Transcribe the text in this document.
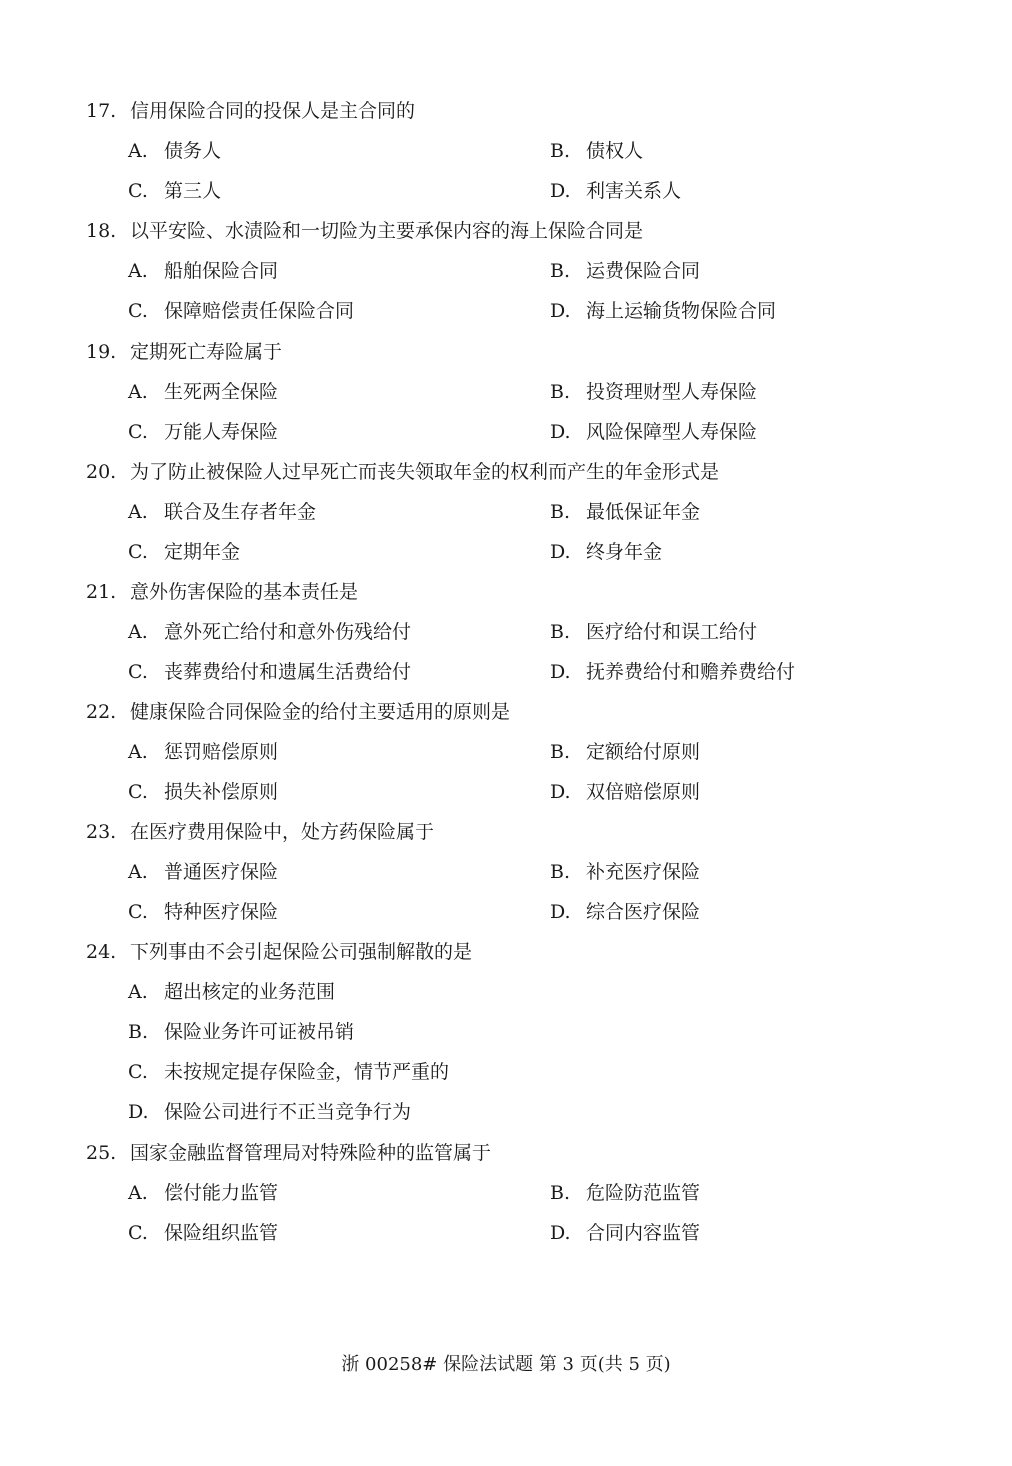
17. 信用保险合同的投保人是主合同的
A. 债务人	B. 债权人
C. 第三人	D. 利害关系人
18. 以平安险、水渍险和一切险为主要承保内容的海上保险合同是
A. 船舶保险合同	B. 运费保险合同
C. 保障赔偿责任保险合同	D. 海上运输货物保险合同
19. 定期死亡寿险属于
A. 生死两全保险	B. 投资理财型人寿保险
C. 万能人寿保险	D. 风险保障型人寿保险
20. 为了防止被保险人过早死亡而丧失领取年金的权利而产生的年金形式是
A. 联合及生存者年金	B. 最低保证年金
C. 定期年金	D. 终身年金
21. 意外伤害保险的基本责任是
A. 意外死亡给付和意外伤残给付	B. 医疗给付和误工给付
C. 丧葬费给付和遗属生活费给付	D. 抚养费给付和赡养费给付
22. 健康保险合同保险金的给付主要适用的原则是
A. 惩罚赔偿原则	B. 定额给付原则
C. 损失补偿原则	D. 双倍赔偿原则
23. 在医疗费用保险中，处方药保险属于
A. 普通医疗保险	B. 补充医疗保险
C. 特种医疗保险	D. 综合医疗保险
24. 下列事由不会引起保险公司强制解散的是
A. 超出核定的业务范围
B. 保险业务许可证被吊销
C. 未按规定提存保险金，情节严重的
D. 保险公司进行不正当竞争行为
25. 国家金融监督管理局对特殊险种的监管属于
A. 偿付能力监管	B. 危险防范监管
C. 保险组织监管	D. 合同内容监管
浙 00258# 保险法试题 第 3 页(共 5 页)
